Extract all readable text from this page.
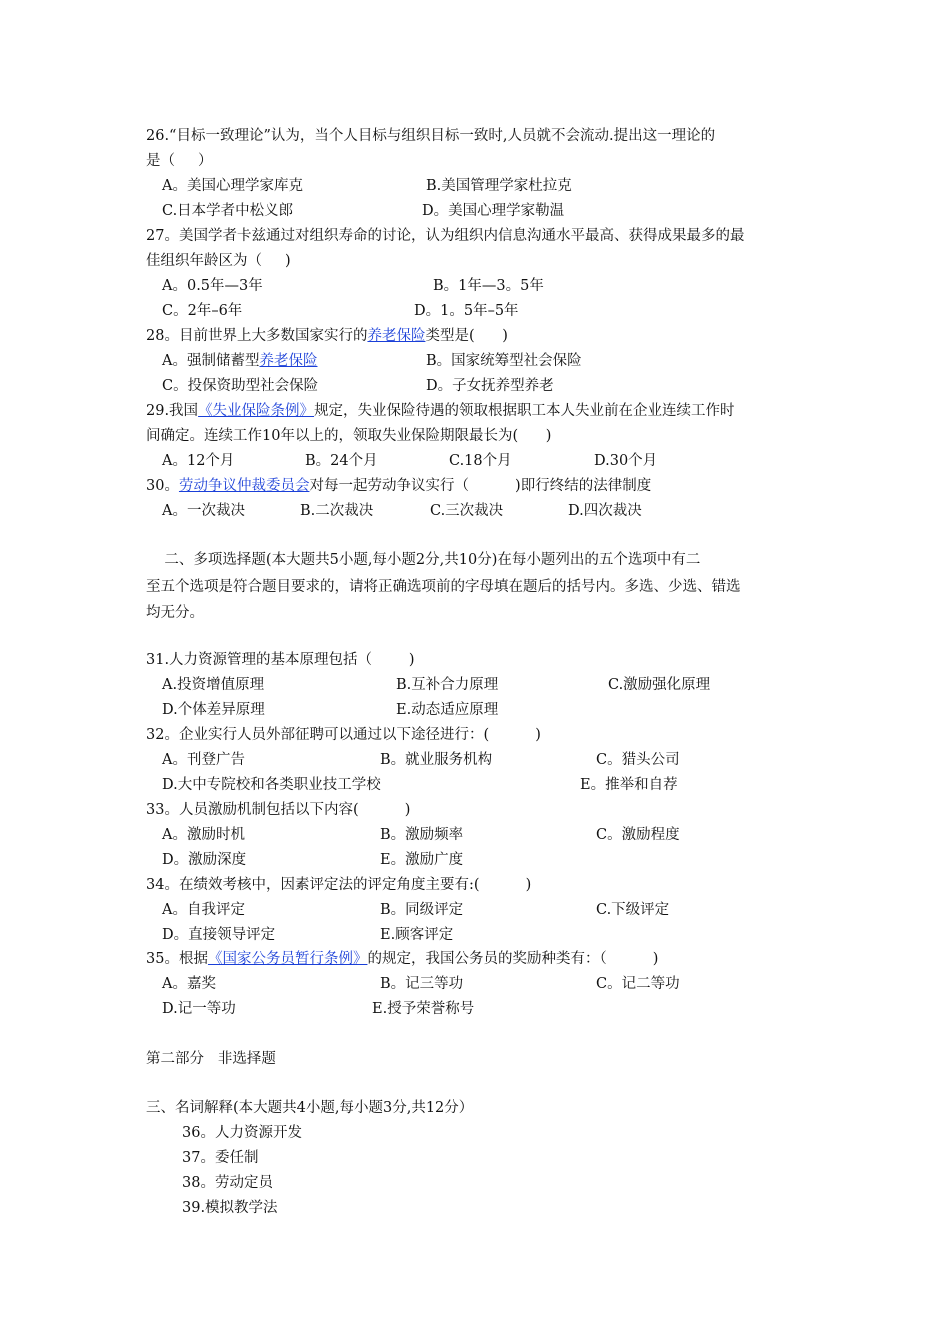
26.“目标一致理论”认为，当个人目标与组织目标一致时,人员就不会流动.提出这一理论的
是（     ）
A。美国心理学家库克	B.美国管理学家杜拉克
C.日本学者中松义郎	D。美国心理学家勒温
27。美国学者卡兹通过对组织寿命的讨论，认为组织内信息沟通水平最高、获得成果最多的最
佳组织年龄区为（     )
A。0.5年—3年	B。1年—3。5年
C。2年–6年	D。1。5年–5年
28。目前世界上大多数国家实行的养老保险类型是(      )
A。强制储蓄型养老保险	B。国家统筹型社会保险
C。投保资助型社会保险	D。子女抚养型养老
29.我国《失业保险条例》规定，失业保险待遇的领取根据职工本人失业前在企业连续工作时
间确定。连续工作10年以上的，领取失业保险期限最长为(      )
A。12个月	B。24个月	C.18个月	D.30个月
30。劳动争议仲裁委员会对每一起劳动争议实行（          )即行终结的法律制度
A。一次裁决	B.二次裁决	C.三次裁决	D.四次裁决
二、多项选择题(本大题共5小题,每小题2分,共10分)在每小题列出的五个选项中有二
至五个选项是符合题目要求的，请将正确选项前的字母填在题后的括号内。多选、少选、错选
均无分。
31.人力资源管理的基本原理包括（        )
A.投资增值原理	B.互补合力原理	C.激励强化原理
D.个体差异原理	E.动态适应原理
32。企业实行人员外部征聘可以通过以下途径进行：(          )
A。刊登广告	B。就业服务机构	C。猎头公司
D.大中专院校和各类职业技工学校	E。推举和自荐
33。人员激励机制包括以下内容(          )
A。激励时机	B。激励频率	C。激励程度
D。激励深度	E。激励广度
34。在绩效考核中，因素评定法的评定角度主要有:(          )
A。自我评定	B。同级评定	C.下级评定
D。直接领导评定	E.顾客评定
35。根据《国家公务员暂行条例》的规定，我国公务员的奖励种类有：（          )
A。嘉奖	B。记三等功	C。记二等功
D.记一等功	E.授予荣誉称号
第二部分   非选择题
三、名词解释(本大题共4小题,每小题3分,共12分）
36。人力资源开发
37。委任制
38。劳动定员
39.模拟教学法
